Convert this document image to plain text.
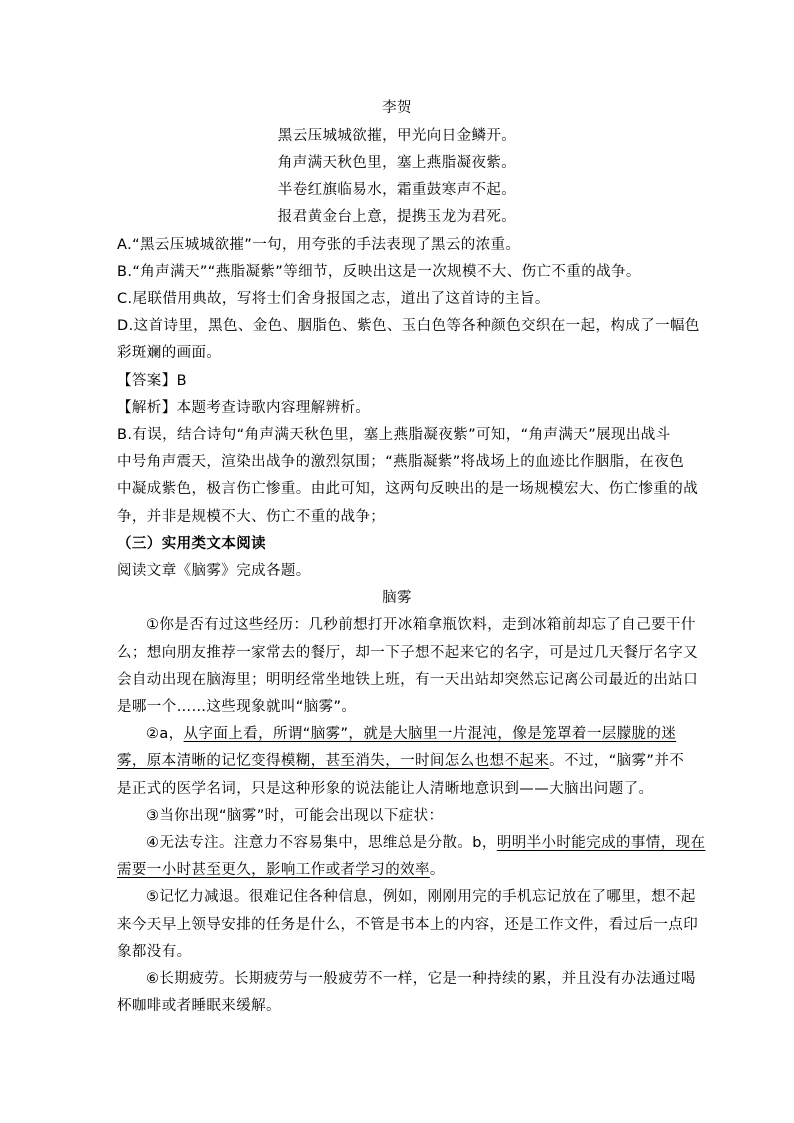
李贺
黑云压城城欲摧，甲光向日金鳞开。
角声满天秋色里，塞上燕脂凝夜紫。
半卷红旗临易水，霜重鼓寒声不起。
报君黄金台上意，提携玉龙为君死。
A.“黑云压城城欲摧”一句，用夸张的手法表现了黑云的浓重。
B.“角声满天”“燕脂凝紫”等细节，反映出这是一次规模不大、伤亡不重的战争。
C.尾联借用典故，写将士们舍身报国之志，道出了这首诗的主旨。
D.这首诗里，黑色、金色、胭脂色、紫色、玉白色等各种颜色交织在一起，构成了一幅色
彩斑斓的画面。
【答案】B
【解析】本题考查诗歌内容理解辨析。
B.有误，结合诗句“角声满天秋色里，塞上燕脂凝夜紫”可知，“角声满天”展现出战斗
中号角声震天，渲染出战争的激烈氛围；“燕脂凝紫”将战场上的血迹比作胭脂，在夜色
中凝成紫色，极言伤亡惨重。由此可知，这两句反映出的是一场规模宏大、伤亡惨重的战
争，并非是规模不大、伤亡不重的战争；
（三）实用类文本阅读
阅读文章《脑雾》完成各题。
脑雾
①你是否有过这些经历：几秒前想打开冰箱拿瓶饮料，走到冰箱前却忘了自己要干什
么；想向朋友推荐一家常去的餐厅，却一下子想不起来它的名字，可是过几天餐厅名字又
会自动出现在脑海里；明明经常坐地铁上班，有一天出站却突然忘记离公司最近的出站口
是哪一个……这些现象就叫“脑雾”。
②a，从字面上看，所谓“脑雾”，就是大脑里一片混沌，像是笼罩着一层朦胧的迷
雾，原本清晰的记忆变得模糊，甚至消失，一时间怎么也想不起来。不过，“脑雾”并不
是正式的医学名词，只是这种形象的说法能让人清晰地意识到——大脑出问题了。
③当你出现“脑雾”时，可能会出现以下症状：
④无法专注。注意力不容易集中，思维总是分散。b，明明半小时能完成的事情，现在
需要一小时甚至更久，影响工作或者学习的效率。
⑤记忆力减退。很难记住各种信息，例如，刚刚用完的手机忘记放在了哪里，想不起
来今天早上领导安排的任务是什么，不管是书本上的内容，还是工作文件，看过后一点印
象都没有。
⑥长期疲劳。长期疲劳与一般疲劳不一样，它是一种持续的累，并且没有办法通过喝
杯咖啡或者睡眠来缓解。
